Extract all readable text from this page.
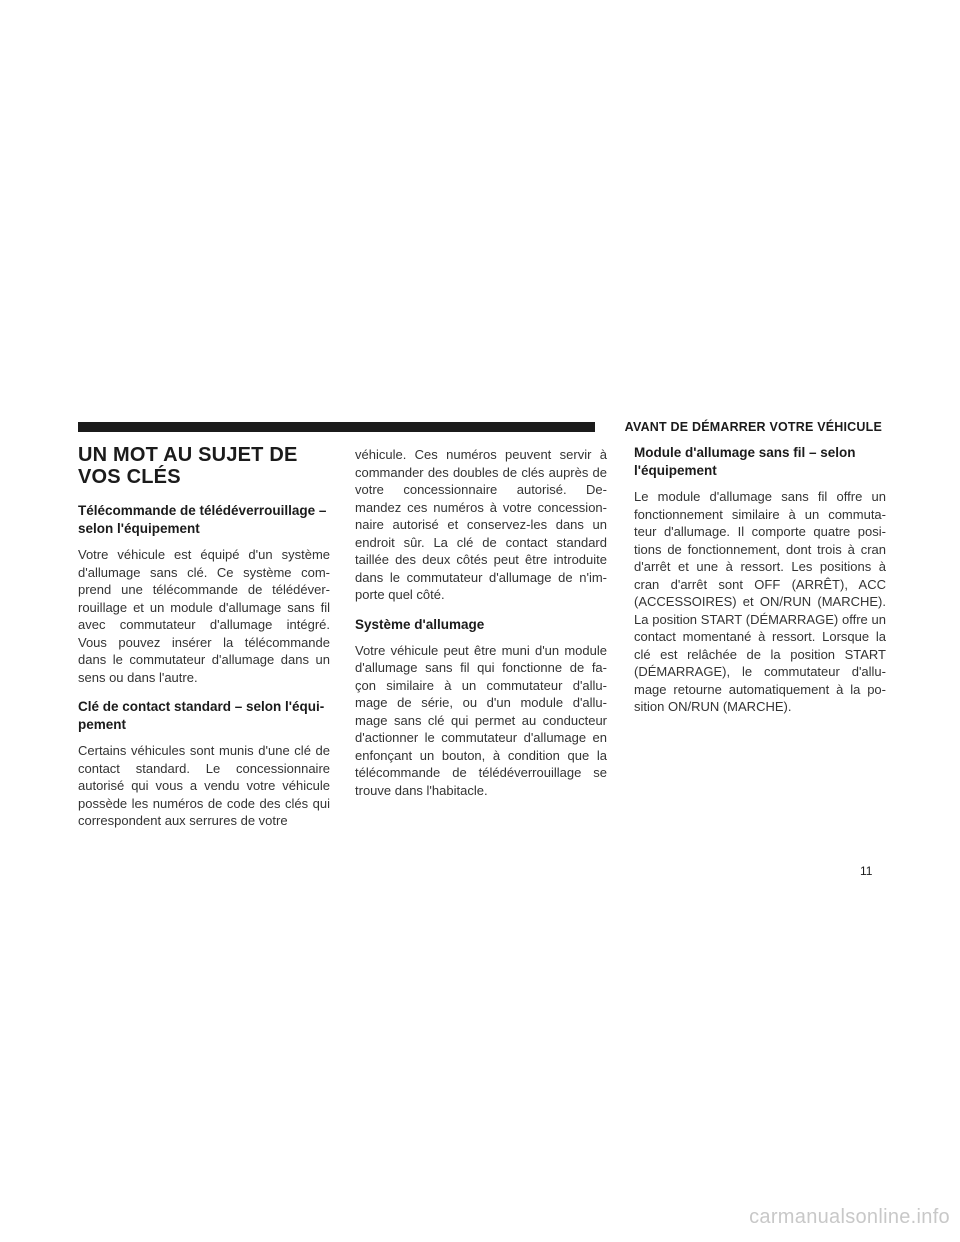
AVANT DE DÉMARRER VOTRE VÉHICULE
UN MOT AU SUJET DE VOS CLÉS
Télécommande de télédéverrouillage – selon l'équipement

Votre véhicule est équipé d'un système d'allumage sans clé. Ce système com- prend une télécommande de télédéver- rouillage et un module d'allumage sans fil avec commutateur d'allumage intégré. Vous pouvez insérer la télécommande dans le commutateur d'allumage dans un sens ou dans l'autre.

Clé de contact standard – selon l'équi- pement

Certains véhicules sont munis d'une clé de contact standard. Le concessionnaire autorisé qui vous a vendu votre véhicule possède les numéros de code des clés qui correspondent aux serrures de votre

véhicule. Ces numéros peuvent servir à commander des doubles de clés auprès de votre concessionnaire autorisé. De- mandez ces numéros à votre concession- naire autorisé et conservez-les dans un endroit sûr. La clé de contact standard taillée des deux côtés peut être introduite dans le commutateur d'allumage de n'im- porte quel côté.

Système d'allumage

Votre véhicule peut être muni d'un module d'allumage sans fil qui fonctionne de fa- çon similaire à un commutateur d'allu- mage de série, ou d'un module d'allu- mage sans clé qui permet au conducteur d'actionner le commutateur d'allumage en enfonçant un bouton, à condition que la télécommande de télédéverrouillage se trouve dans l'habitacle.

Module d'allumage sans fil – selon l'équipement

Le module d'allumage sans fil offre un fonctionnement similaire à un commuta- teur d'allumage. Il comporte quatre posi- tions de fonctionnement, dont trois à cran d'arrêt et une à ressort. Les positions à cran d'arrêt sont OFF (ARRÊT), ACC (ACCESSOIRES) et ON/RUN (MARCHE). La position START (DÉMARRAGE) offre un contact momentané à ressort. Lorsque la clé est relâchée de la position START (DÉMARRAGE), le commutateur d'allu- mage retourne automatiquement à la po- sition ON/RUN (MARCHE).

11
carmanualsonline.info
